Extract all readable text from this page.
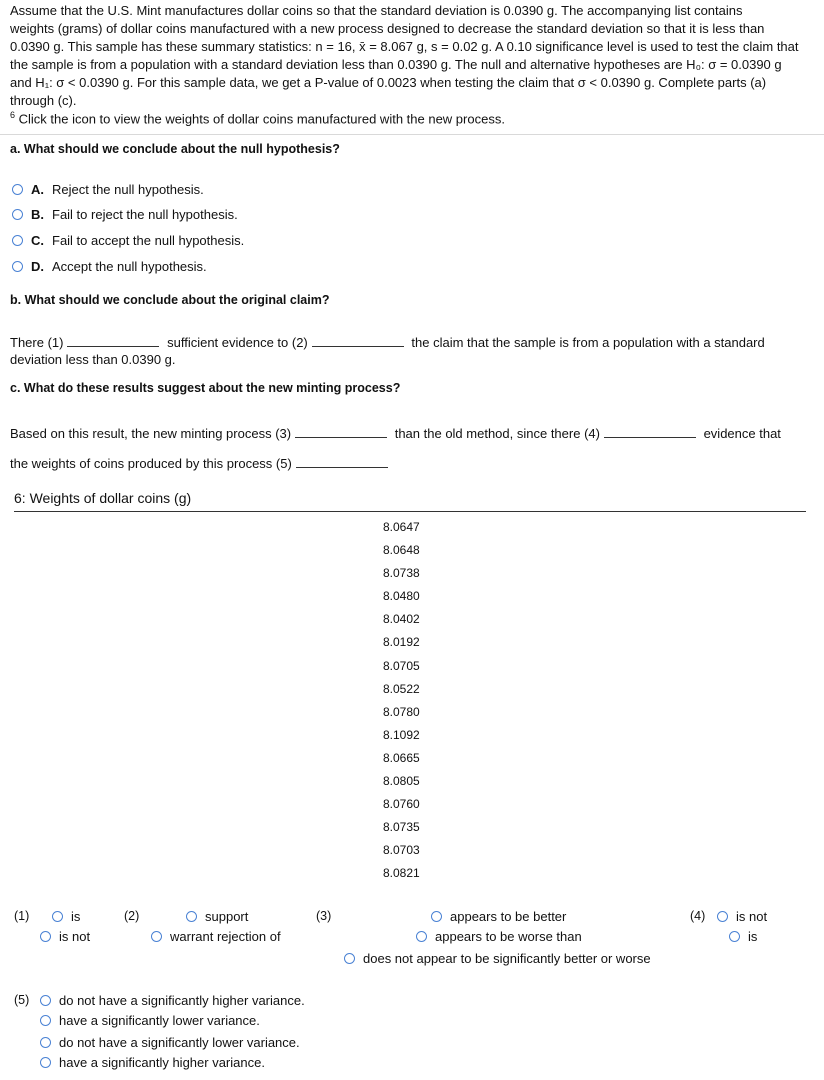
Assume that the U.S. Mint manufactures dollar coins so that the standard deviation is 0.0390 g. The accompanying list contains

weights (grams) of dollar coins manufactured with a new process designed to decrease the standard deviation so that it is less than

0.0390 g. This sample has these summary statistics: n = 16, x̄ = 8.067 g, s = 0.02 g. A 0.10 significance level is used to test the claim that

the sample is from a population with a standard deviation less than 0.0390 g. The null and alternative hypotheses are H₀: σ = 0.0390 g

and H₁: σ < 0.0390 g. For this sample data, we get a P-value of 0.0023 when testing the claim that σ < 0.0390 g. Complete parts (a)

through (c).

$^6$ Click the icon to view the weights of dollar coins manufactured with the new process.
a. What should we conclude about the null hypothesis?
A. Reject the null hypothesis.
B. Fail to reject the null hypothesis.
C. Fail to accept the null hypothesis.
D. Accept the null hypothesis.
b. What should we conclude about the original claim?
There (1)	sufficient evidence to (2)	the claim that the sample is from a population with a standard
deviation less than 0.0390 g.
c. What do these results suggest about the new minting process?
Based on this result, the new minting process (3)	than the old method, since there (4)	evidence that
the weights of coins produced by this process (5)
6: Weights of dollar coins (g)
8.0647
8.0648
8.0738
8.0480
8.0402
8.0192
8.0705
8.0522
8.0780
8.1092
8.0665
8.0805
8.0760
8.0735
8.0703
8.0821
(1)	is
is not
(2)	support
warrant rejection of
(3)	appears to be better
appears to be worse than
does not appear to be significantly better or worse
(4) is not
is
(5) do not have a significantly higher variance.
have a significantly lower variance.
do not have a significantly lower variance.
have a significantly higher variance.
